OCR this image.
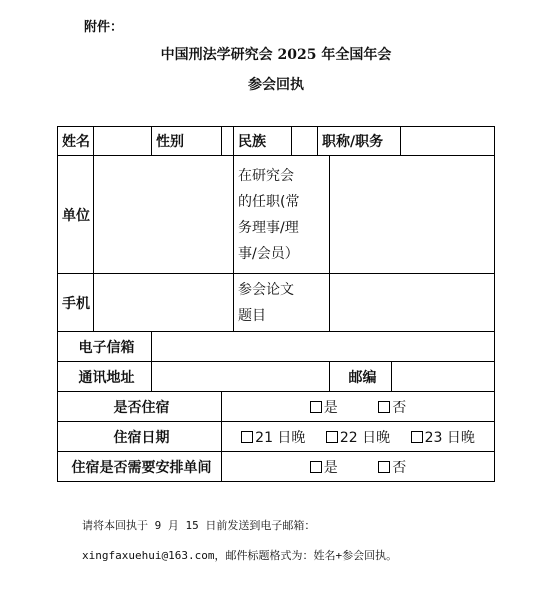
附件：
中国刑法学研究会 2025 年全国年会
参会回执
姓名		性别		民族		职称/职务			
单位				在研究会
的任职(常
务理事/理
事/会员）					

手机				参会论文
题目					

电子信箱									
通讯地址							邮编		
是否住宿			是 否						
住宿日期			21 日晚 22 日晚 23 日晚						
住宿是否需要安排单间			是 否						
请将本回执于 9 月 15 日前发送到电子邮箱：
xingfaxuehui@163.com，邮件标题格式为：姓名+参会回执。
